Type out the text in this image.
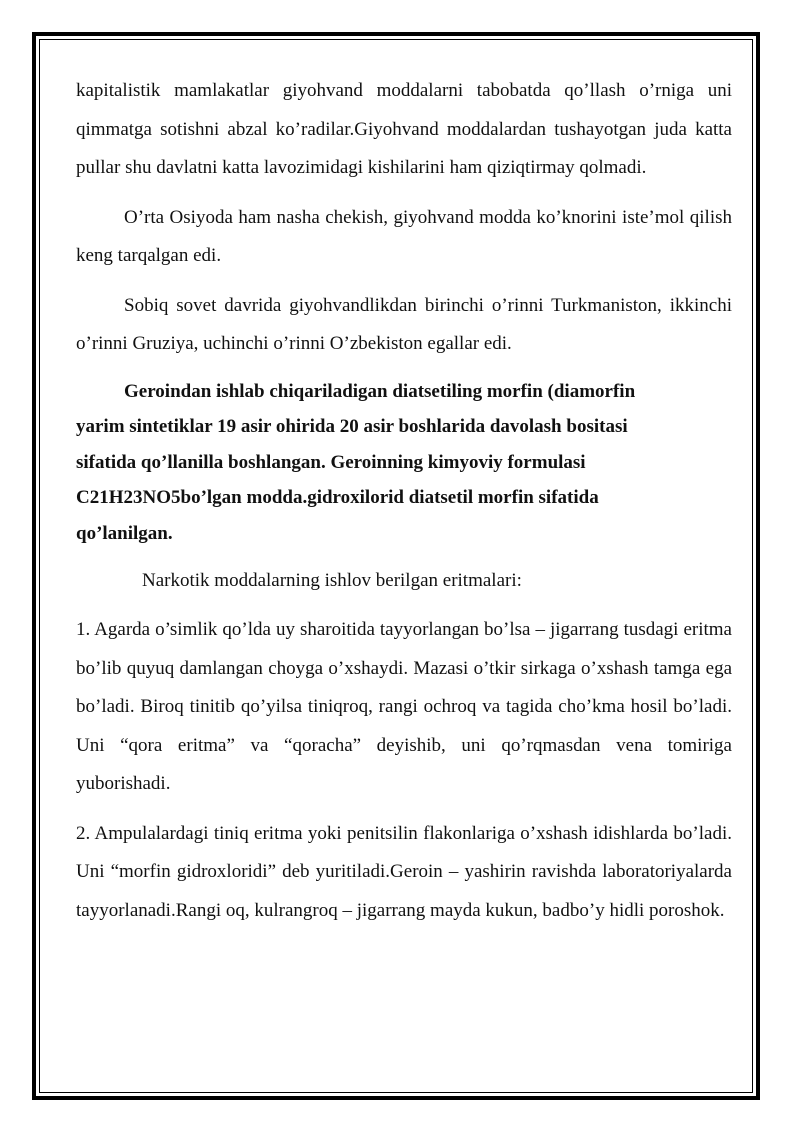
kapitalistik mamlakatlar giyohvand moddalarni tabobatda qo’llash o’rniga uni qimmatga sotishni abzal ko’radilar.Giyohvand moddalardan tushayotgan juda katta pullar shu davlatni katta lavozimidagi kishilarini ham qiziqtirmay qolmadi.

O’rta Osiyoda ham nasha chekish, giyohvand modda ko’knorini iste’mol qilish keng tarqalgan edi.

Sobiq sovet davrida giyohvandlikdan birinchi o’rinni Turkmaniston, ikkinchi o’rinni Gruziya, uchinchi o’rinni O’zbekiston egallar edi.

Geroindan ishlab chiqariladigan diatsetiling morfin (diamorfin
yarim sintetiklar 19 asir ohirida 20 asir boshlarida davolash bositasi
sifatida qo’llanilla boshlangan. Geroinning kimyoviy formulasi
C21H23NO5bo’lgan modda.gidroxilorid diatsetil morfin sifatida
qo’lanilgan.

Narkotik moddalarning ishlov berilgan eritmalari:

1. Agarda o’simlik qo’lda uy sharoitida tayyorlangan bo’lsa – jigarrang tusdagi eritma bo’lib quyuq damlangan choyga o’xshaydi. Mazasi o’tkir sirkaga o’xshash tamga ega bo’ladi. Biroq tinitib qo’yilsa tiniqroq, rangi ochroq va tagida cho’kma hosil bo’ladi. Uni “qora eritma” va “qoracha” deyishib, uni qo’rqmasdan vena tomiriga yuborishadi.

2. Ampulalardagi tiniq eritma yoki penitsilin flakonlariga o’xshash idishlarda bo’ladi. Uni “morfin gidroxloridi” deb yuritiladi.Geroin – yashirin ravishda laboratoriyalarda tayyorlanadi.Rangi oq, kulrangroq – jigarrang mayda kukun, badbo’y hidli poroshok.
